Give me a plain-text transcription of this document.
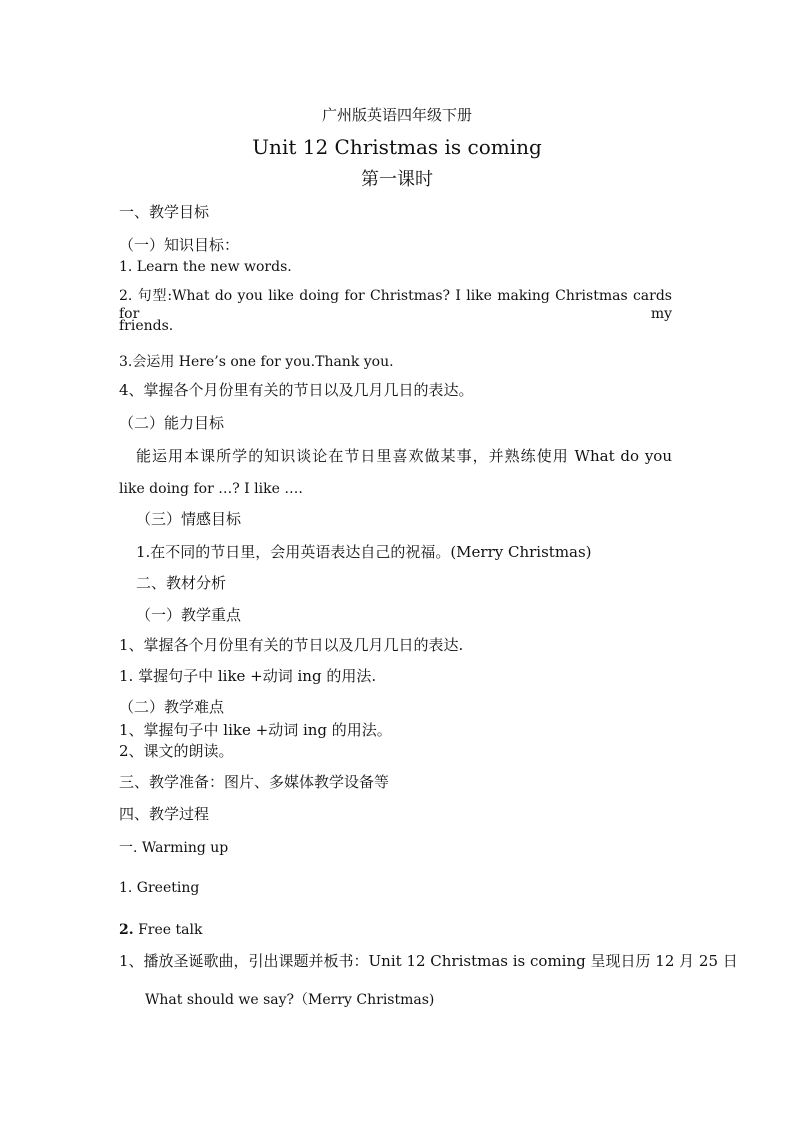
广州版英语四年级下册
Unit 12 Christmas is coming
第一课时
一、教学目标
（一）知识目标：
1. Learn the new words.
2. 句型:What do you like doing for Christmas? I like making Christmas cards for my
friends.
3.会运用 Here’s one for you.Thank you.
4、掌握各个月份里有关的节日以及几月几日的表达。
（二）能力目标
能运用本课所学的知识谈论在节日里喜欢做某事，并熟练使用 What do you
like doing for …? I like ….
（三）情感目标
1.在不同的节日里，会用英语表达自己的祝福。(Merry Christmas)
二、教材分析
（一）教学重点
1、掌握各个月份里有关的节日以及几月几日的表达.
1. 掌握句子中 like +动词 ing 的用法.
（二）教学难点
1、掌握句子中 like +动词 ing 的用法。
2、课文的朗读。
三、教学准备：图片、多媒体教学设备等
四、教学过程
一. Warming up
1. Greeting
2. Free talk
1、播放圣诞歌曲，引出课题并板书：Unit 12 Christmas is coming 呈现日历 12 月 25 日
What should we say?（Merry Christmas)
